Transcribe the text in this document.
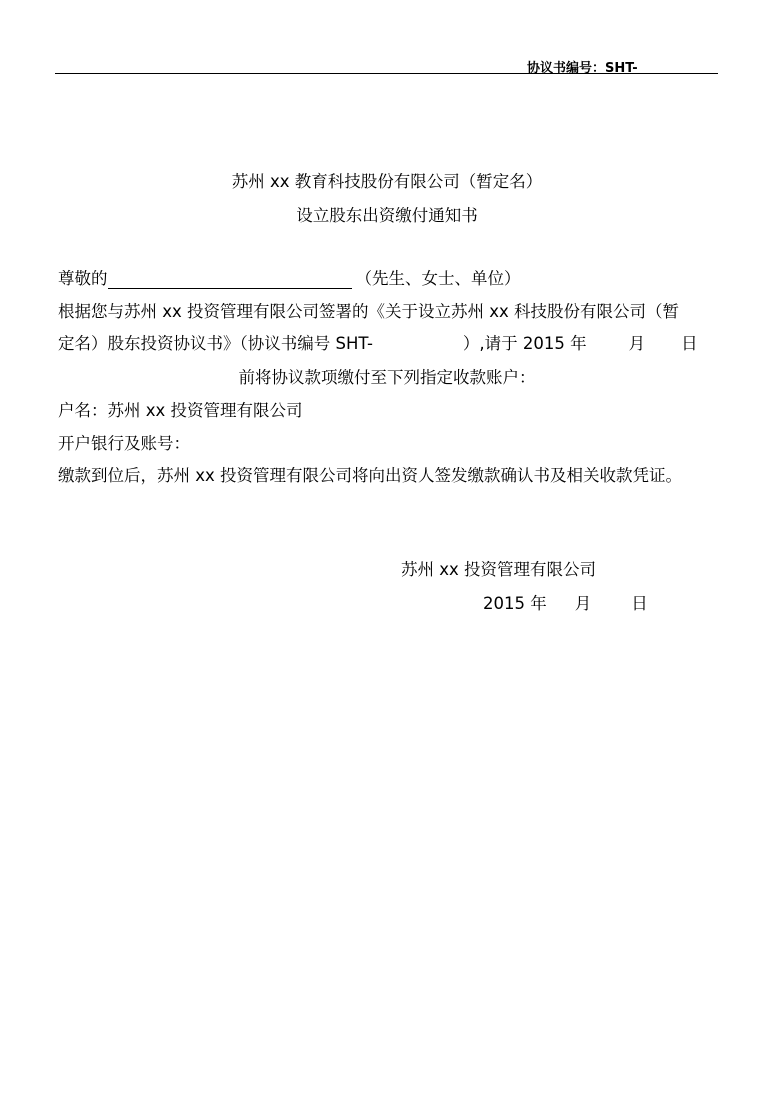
协议书编号：SHT-
苏州 xx 教育科技股份有限公司（暂定名）
设立股东出资缴付通知书
尊敬的	（先生、女士、单位）
根据您与苏州 xx 投资管理有限公司签署的《关于设立苏州 xx 科技股份有限公司（暂
定名）股东投资协议书》（协议书编号 SHT-	）,请于 2015 年	月 日
前将协议款项缴付至下列指定收款账户：
户名：苏州 xx 投资管理有限公司
开户银行及账号：
缴款到位后，苏州 xx 投资管理有限公司将向出资人签发缴款确认书及相关收款凭证。
苏州 xx 投资管理有限公司
2015 年 月 日
